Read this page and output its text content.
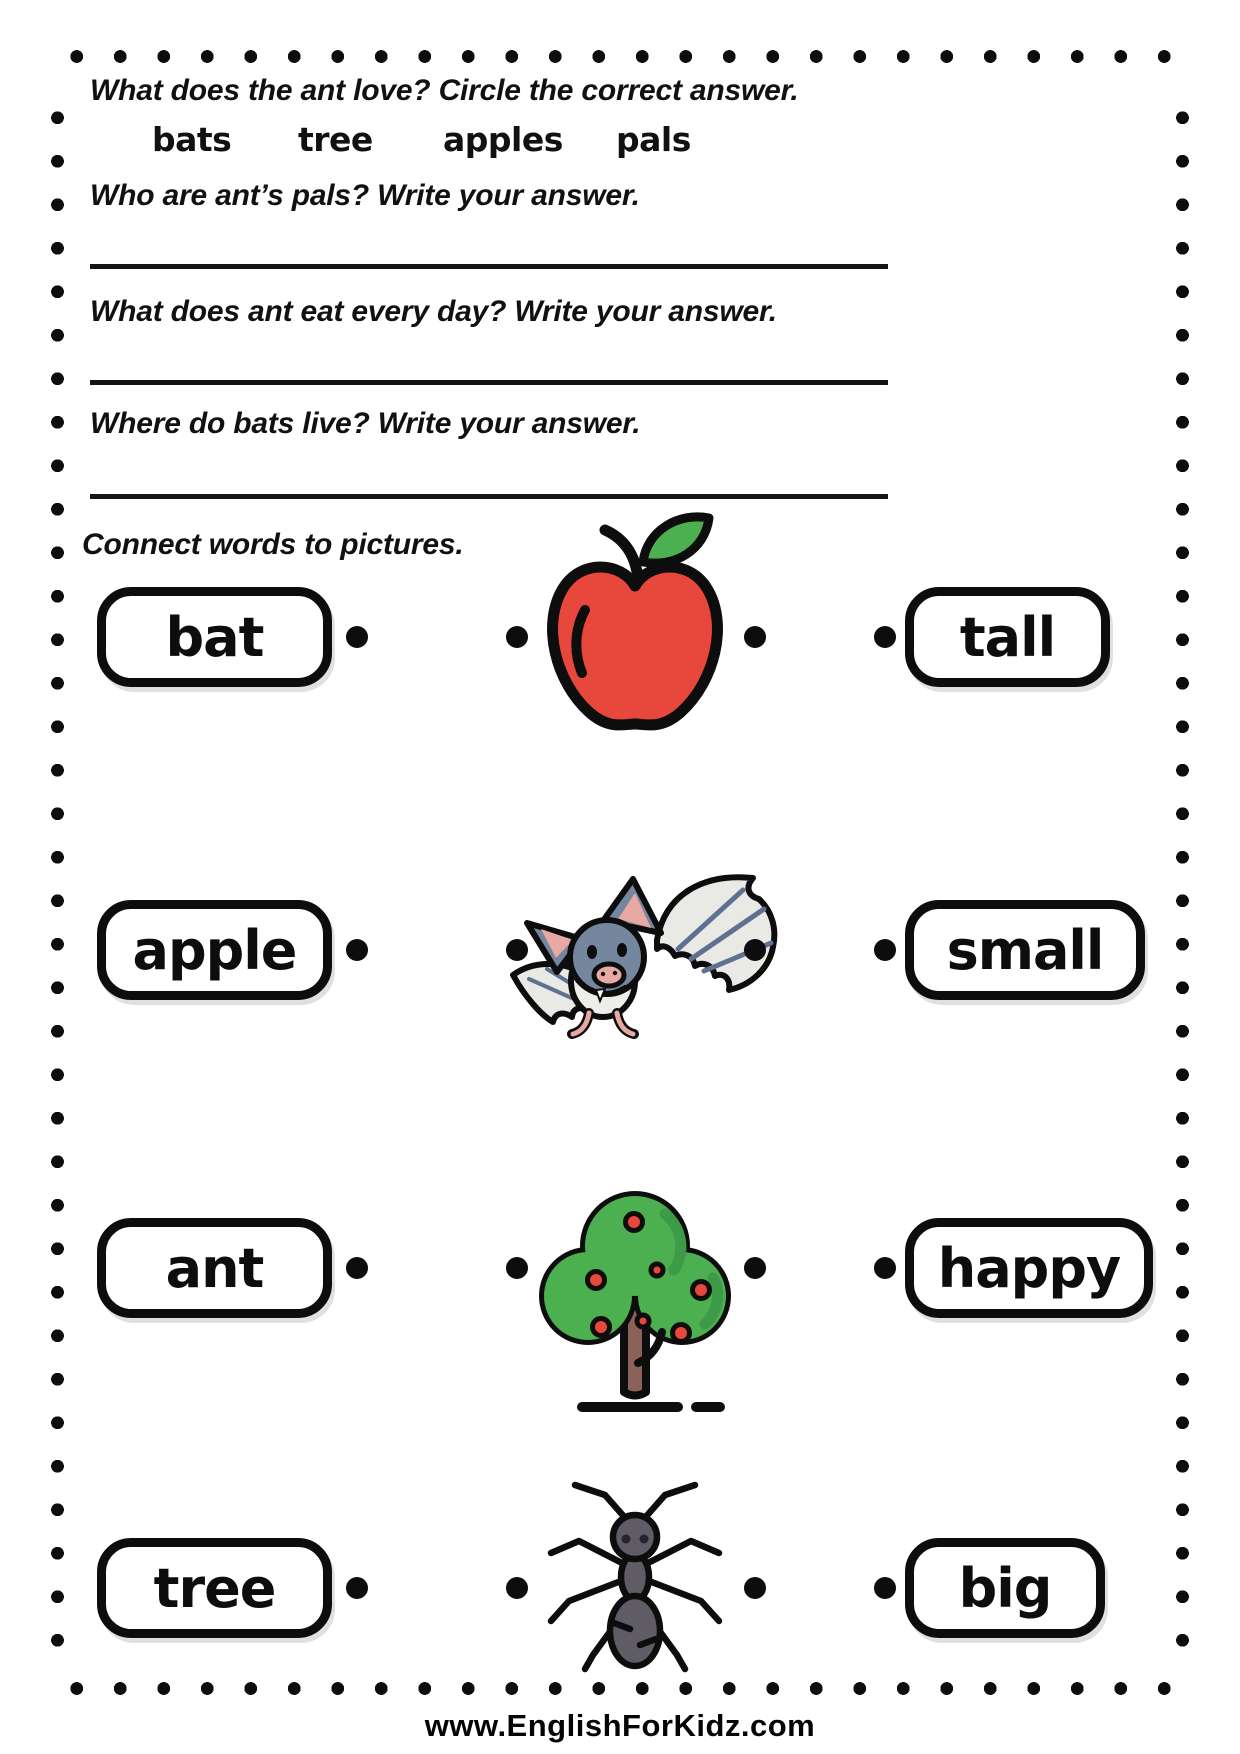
What does the ant love? Circle the correct answer.
bats tree apples pals
Who are ant’s pals? Write your answer.
What does ant eat every day? Write your answer.
Where do bats live? Write your answer.
Connect words to pictures.
bat	tall
apple	small
ant	happy
tree	big
www.EnglishForKidz.com
